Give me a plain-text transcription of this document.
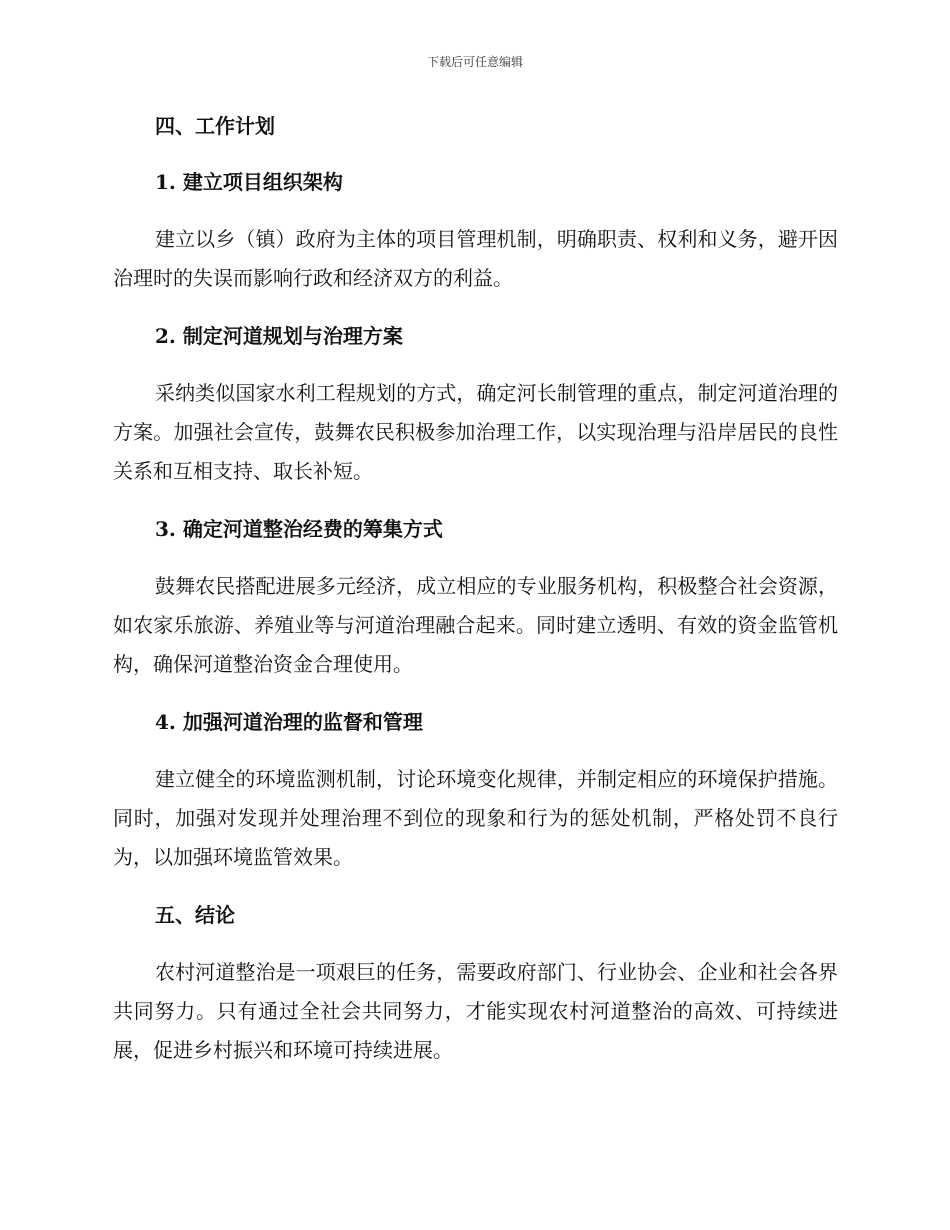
下载后可任意编辑
四、工作计划
1. 建立项目组织架构
建立以乡（镇）政府为主体的项目管理机制，明确职责、权利和义务，避开因治理时的失误而影响行政和经济双方的利益。
2. 制定河道规划与治理方案
采纳类似国家水利工程规划的方式，确定河长制管理的重点，制定河道治理的方案。加强社会宣传，鼓舞农民积极参加治理工作，以实现治理与沿岸居民的良性关系和互相支持、取长补短。
3. 确定河道整治经费的筹集方式
鼓舞农民搭配进展多元经济，成立相应的专业服务机构，积极整合社会资源，如农家乐旅游、养殖业等与河道治理融合起来。同时建立透明、有效的资金监管机构，确保河道整治资金合理使用。
4. 加强河道治理的监督和管理
建立健全的环境监测机制，讨论环境变化规律，并制定相应的环境保护措施。同时，加强对发现并处理治理不到位的现象和行为的惩处机制，严格处罚不良行为，以加强环境监管效果。
五、结论
农村河道整治是一项艰巨的任务，需要政府部门、行业协会、企业和社会各界共同努力。只有通过全社会共同努力，才能实现农村河道整治的高效、可持续进展，促进乡村振兴和环境可持续进展。
